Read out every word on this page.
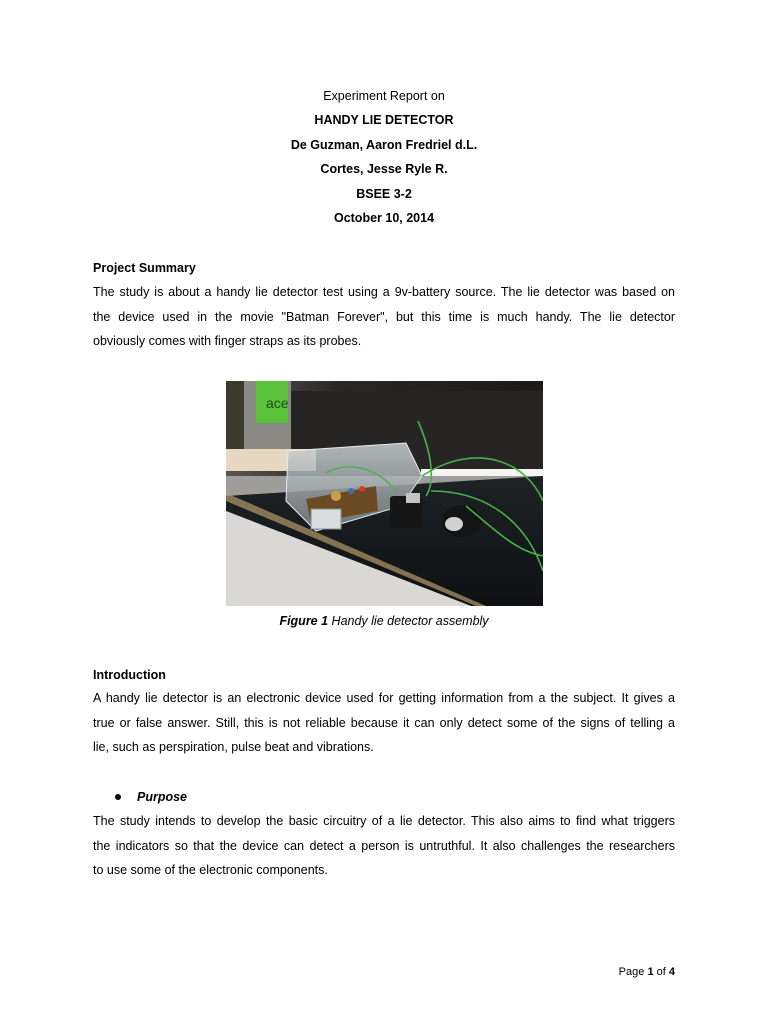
Experiment Report on
HANDY LIE DETECTOR
De Guzman, Aaron Fredriel d.L.
Cortes, Jesse Ryle R.
BSEE 3-2
October 10, 2014
Project Summary
The study is about a handy lie detector test using a 9v-battery source. The lie detector was based on
the device used in the movie "Batman Forever", but this time is much handy. The lie detector
obviously comes with finger straps as its probes.
ace
Figure 1 Handy lie detector assembly
Introduction
A handy lie detector is an electronic device used for getting information from a the subject. It gives a
true or false answer. Still, this is not reliable because it can only detect some of the signs of telling a
lie, such as perspiration, pulse beat and vibrations.
Purpose
The study intends to develop the basic circuitry of a lie detector. This also aims to find what triggers
the indicators so that the device can detect a person is untruthful. It also challenges the researchers
to use some of the electronic components.
Page 1 of 4
